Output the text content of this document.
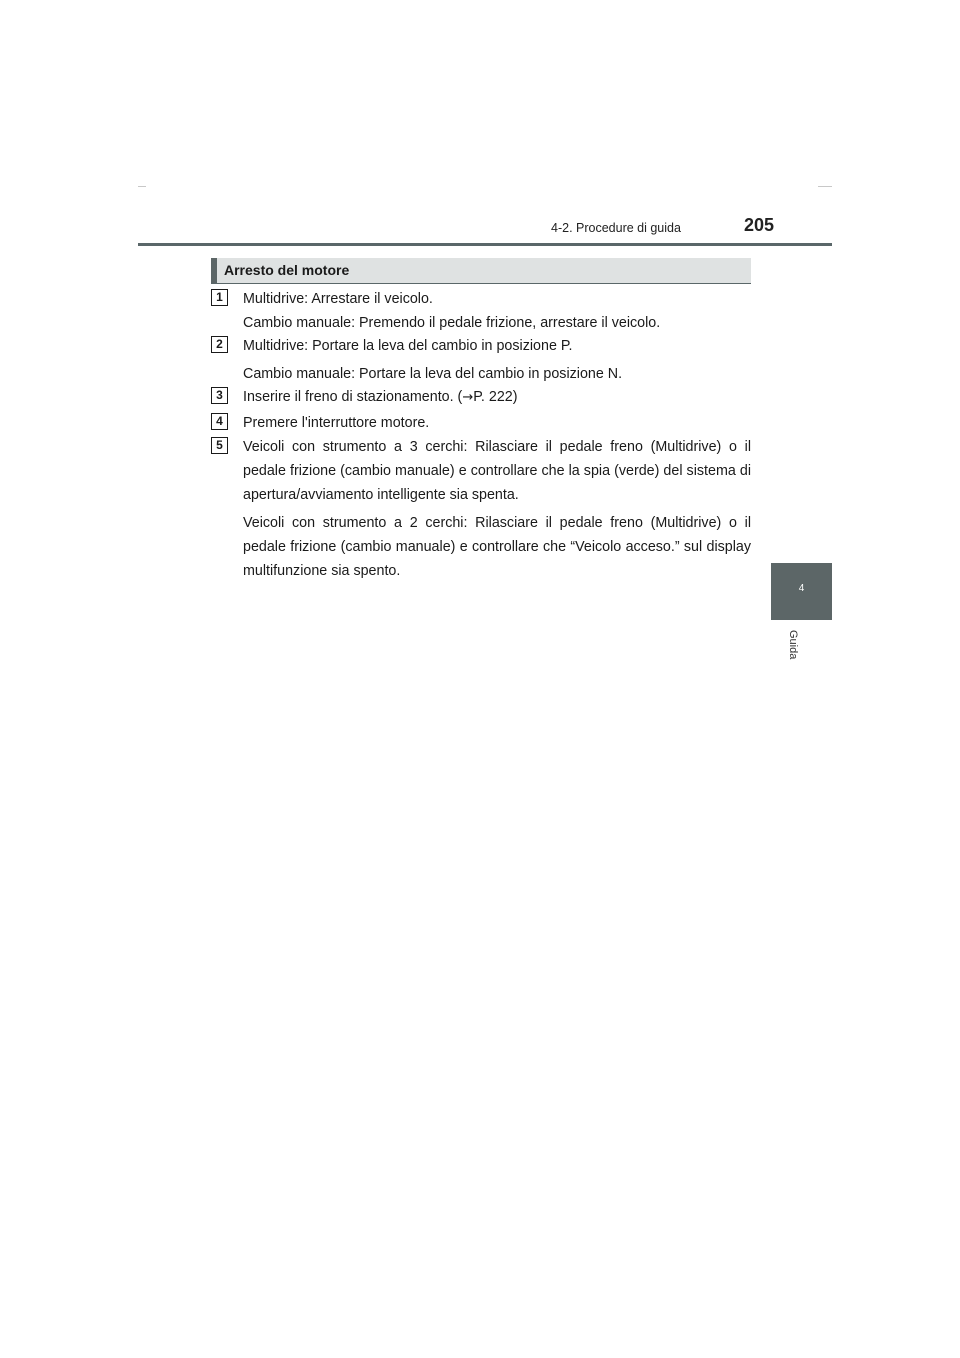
4-2. Procedure di guida	205
4
Guida
Arresto del motore
1	Multidrive: Arrestare il veicolo.

Cambio manuale: Premendo il pedale frizione, arrestare il veicolo.

2	Multidrive: Portare la leva del cambio in posizione P.

Cambio manuale: Portare la leva del cambio in posizione N.

3	Inserire il freno di stazionamento. (→P. 222)

4	Premere l'interruttore motore.

5	Veicoli con strumento a 3 cerchi: Rilasciare il pedale freno (Multidrive) o il pedale frizione (cambio manuale) e controllare che la spia (verde) del sistema di apertura/avviamento intelligente sia spenta.

Veicoli con strumento a 2 cerchi: Rilasciare il pedale freno (Multidrive) o il pedale frizione (cambio manuale) e controllare che “Veicolo acceso.” sul display multifunzione sia spento.
